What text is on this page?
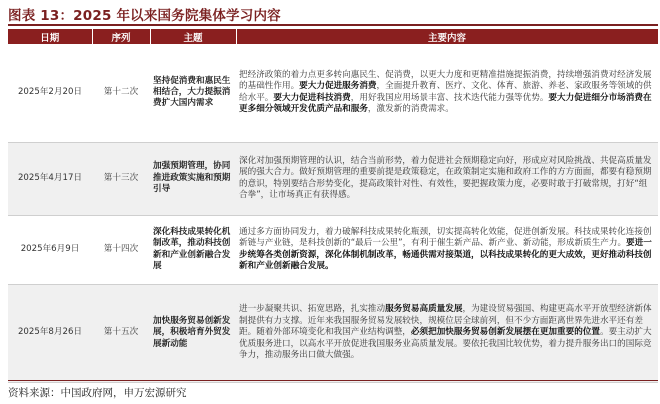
图表 13：2025 年以来国务院集体学习内容
日期	序列	主题	主要内容
2025年2月20日	第十二次	坚持促消费和惠民生相结合，大力提振消费扩大国内需求	把经济政策的着力点更多转向惠民生、促消费，以更大力度和更精准措施提振消费，持续增强消费对经济发展的基础性作用。要大力促进服务消费，全面提升教育、医疗、文化、体育、旅游、养老、家政服务等领域的供给水平。要大力促进科技消费，用好我国应用场景丰富、技术迭代能力强等优势。要大力促进细分市场消费在更多细分领域开发优质产品和服务，激发新的消费需求。
2025年4月17日	第十三次	加强预期管理，协同推进政策实施和预期引导	深化对加强预期管理的认识，结合当前形势，着力促进社会预期稳定向好，形成应对风险挑战、共促高质量发展的强大合力。做好预期管理的重要前提是政策稳定，在政策制定实施和政府工作的方方面面，都要有稳预期的意识，特别要结合形势变化，提高政策针对性、有效性，要把握政策力度，必要时敢于打破常规，打好“组合拳”，让市场真正有获得感。
2025年6月9日	第十四次	深化科技成果转化机制改革，推动科技创新和产业创新融合发展	通过多方面协同发力，着力破解科技成果转化瓶颈，切实提高转化效能，促进创新发展。科技成果转化连接创新链与产业链，是科技创新的“最后一公里”，有利于催生新产品、新产业、新动能，形成新质生产力。要进一步统筹各类创新资源，深化体制机制改革，畅通供需对接渠道，以科技成果转化的更大成效，更好推动科技创新和产业创新融合发展。
2025年8月26日	第十五次	加快服务贸易创新发展，积极培育外贸发展新动能	进一步凝聚共识、拓宽思路，扎实推动服务贸易高质量发展，为建设贸易强国、构建更高水平开放型经济新体制提供有力支撑。近年来我国服务贸易发展较快，规模位居全球前列，但不少方面距离世界先进水平还有差距。随着外部环境变化和我国产业结构调整，必须把加快服务贸易创新发展摆在更加重要的位置。要主动扩大优质服务进口，以高水平开放促进我国服务业高质量发展。要依托我国比较优势，着力提升服务出口的国际竞争力，推动服务出口做大做强。
资料来源：中国政府网，申万宏源研究
